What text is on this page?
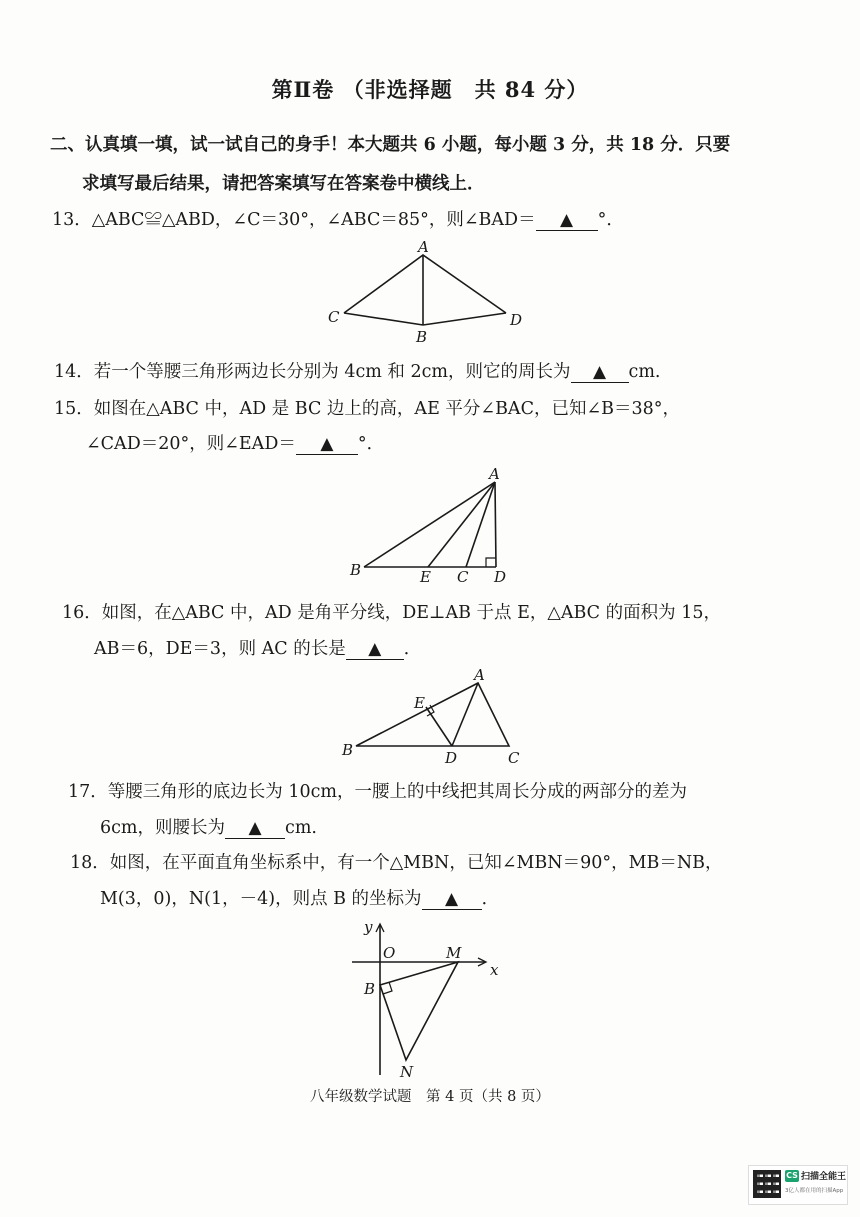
第Ⅱ卷 （非选择题　共 84 分）
二、认真填一填，试一试自己的身手！本大题共 6 小题，每小题 3 分，共 18 分．只要
求填写最后结果，请把答案填写在答案卷中横线上．
13．△ABC≌△ABD，∠C＝30°，∠ABC＝85°，则∠BAD＝ ▲ °．
A
C
B
D
14．若一个等腰三角形两边长分别为 4cm 和 2cm，则它的周长为 ▲ cm.
15．如图在△ABC 中，AD 是 BC 边上的高，AE 平分∠BAC，已知∠B＝38°，
∠CAD＝20°，则∠EAD＝ ▲ °．
A
B	E C D
16．如图，在△ABC 中，AD 是角平分线，DE⊥AB 于点 E，△ABC 的面积为 15，
AB＝6，DE＝3，则 AC 的长是 ▲ ．
A
E
B	D	C
17．等腰三角形的底边长为 10cm，一腰上的中线把其周长分成的两部分的差为
6cm，则腰长为 ▲ cm.
18．如图，在平面直角坐标系中，有一个△MBN，已知∠MBN＝90°，MB＝NB，
M(3，0)，N(1，－4)，则点 B 的坐标为 ▲ ．
y
O	M
x
B
N
八年级数学试题　第 4 页（共 8 页）
CS 扫描全能王
3亿人都在用的扫描App
